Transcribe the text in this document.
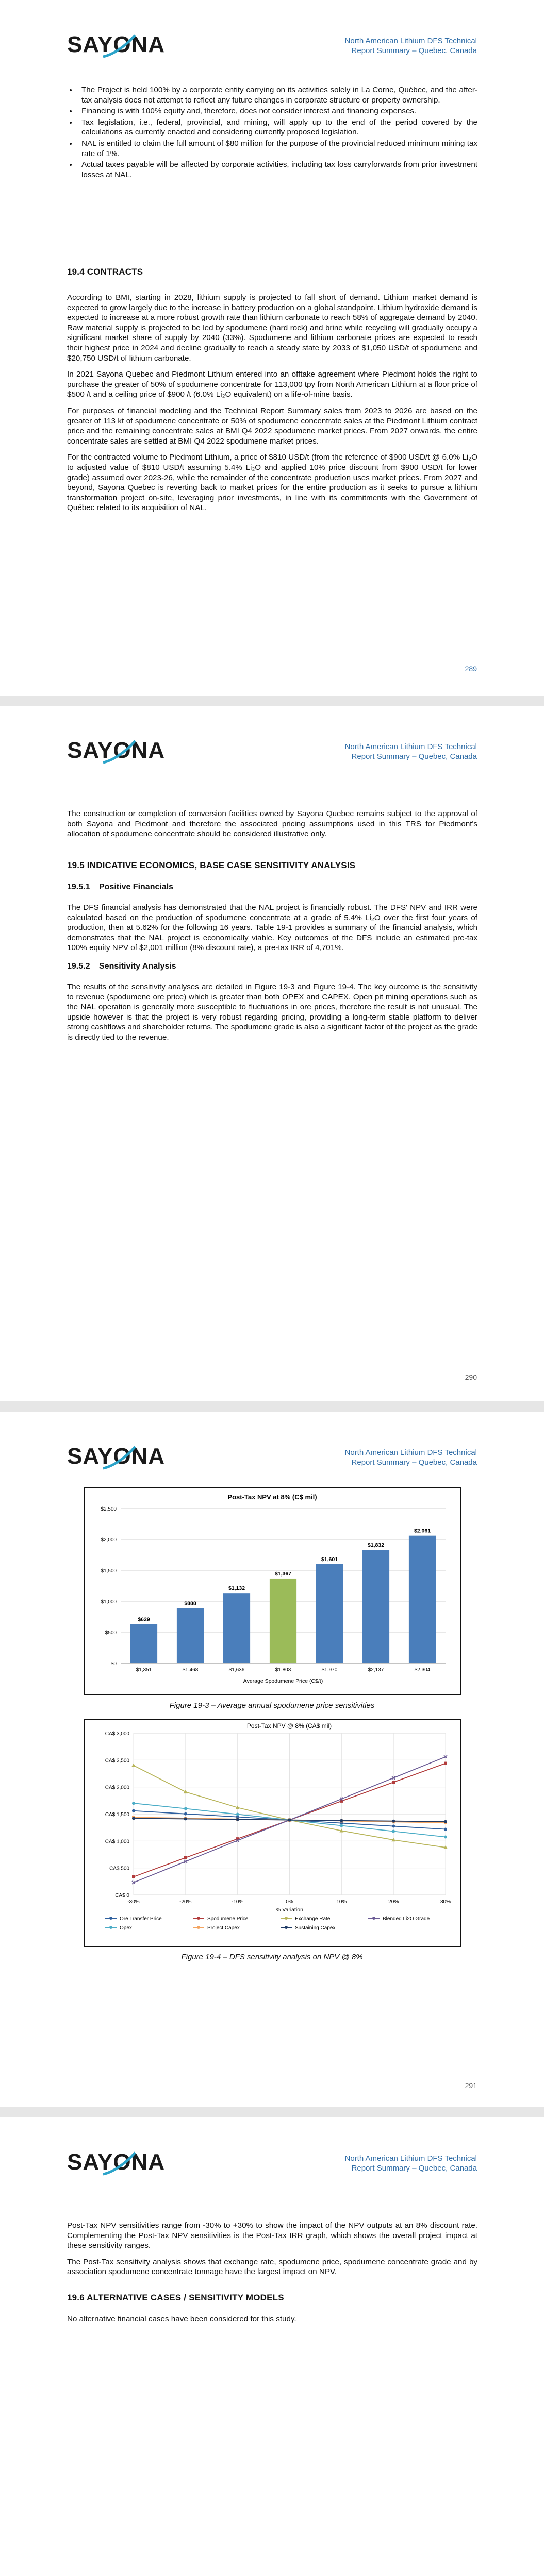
SAYONA	North American Lithium DFS Technical
Report Summary – Quebec, Canada
• The Project is held 100% by a corporate entity carrying on its activities solely in La Corne, Québec, and the after-tax analysis does not attempt to reflect any future changes in corporate structure or property ownership.
• Financing is with 100% equity and, therefore, does not consider interest and financing expenses.
• Tax legislation, i.e., federal, provincial, and mining, will apply up to the end of the period covered by the calculations as currently enacted and considering currently proposed legislation.
• NAL is entitled to claim the full amount of $80 million for the purpose of the provincial reduced minimum mining tax rate of 1%.
• Actual taxes payable will be affected by corporate activities, including tax loss carryforwards from prior investment losses at NAL.
19.4 CONTRACTS

According to BMI, starting in 2028, lithium supply is projected to fall short of demand. Lithium market demand is expected to grow largely due to the increase in battery production on a global standpoint. Lithium hydroxide demand is expected to increase at a more robust growth rate than lithium carbonate to reach 58% of aggregate demand by 2040. Raw material supply is projected to be led by spodumene (hard rock) and brine while recycling will gradually occupy a significant market share of supply by 2040 (33%). Spodumene and lithium carbonate prices are expected to reach their highest price in 2024 and decline gradually to reach a steady state by 2033 of $1,050 USD/t of spodumene and $20,750 USD/t of lithium carbonate.

In 2021 Sayona Quebec and Piedmont Lithium entered into an offtake agreement where Piedmont holds the right to purchase the greater of 50% of spodumene concentrate for 113,000 tpy from North American Lithium at a floor price of $500 /t and a ceiling price of $900 /t (6.0% Li₂O equivalent) on a life-of-mine basis.

For purposes of financial modeling and the Technical Report Summary sales from 2023 to 2026 are based on the greater of 113 kt of spodumene concentrate or 50% of spodumene concentrate sales at the Piedmont Lithium contract price and the remaining concentrate sales at BMI Q4 2022 spodumene market prices. From 2027 onwards, the entire concentrate sales are settled at BMI Q4 2022 spodumene market prices.

For the contracted volume to Piedmont Lithium, a price of $810 USD/t (from the reference of $900 USD/t @ 6.0% Li₂O to adjusted value of $810 USD/t assuming 5.4% Li₂O and applied 10% price discount from $900 USD/t for lower grade) assumed over 2023-26, while the remainder of the concentrate production uses market prices. From 2027 and beyond, Sayona Quebec is reverting back to market prices for the entire production as it seeks to pursue a lithium transformation project on-site, leveraging prior investments, in line with its commitments with the Government of Québec related to its acquisition of NAL.

289
SAYONA	North American Lithium DFS Technical
Report Summary – Quebec, Canada

The construction or completion of conversion facilities owned by Sayona Quebec remains subject to the approval of both Sayona and Piedmont and therefore the associated pricing assumptions used in this TRS for Piedmont's allocation of spodumene concentrate should be considered illustrative only.

19.5 INDICATIVE ECONOMICS, BASE CASE SENSITIVITY ANALYSIS
19.5.1 Positive Financials

The DFS financial analysis has demonstrated that the NAL project is financially robust. The DFS' NPV and IRR were calculated based on the production of spodumene concentrate at a grade of 5.4% Li₂O over the first four years of production, then at 5.62% for the following 16 years. Table 19-1 provides a summary of the financial analysis, which demonstrates that the NAL project is economically viable. Key outcomes of the DFS include an estimated pre-tax 100% equity NPV of $2,001 million (8% discount rate), a pre-tax IRR of 4,701%.

19.5.2 Sensitivity Analysis

The results of the sensitivity analyses are detailed in Figure 19-3 and Figure 19-4. The key outcome is the sensitivity to revenue (spodumene ore price) which is greater than both OPEX and CAPEX. Open pit mining operations such as the NAL operation is generally more susceptible to fluctuations in ore prices, therefore the result is not unusual. The upside however is that the project is very robust regarding pricing, providing a long-term stable platform to deliver strong cashflows and shareholder returns. The spodumene grade is also a significant factor of the project as the grade is directly tied to the revenue.

290
SAYONA	North American Lithium DFS Technical
Report Summary – Quebec, Canada
Post-Tax NPV at 8% (C$ mil)
$0
$500
$1,000
$1,500
$2,000
$2,500
$629
$1,351
$888
$1,468
$1,132
$1,636
$1,367
$1,803
$1,601
$1,970
$1,832
$2,137
$2,061
$2,304
Average Spodumene Price (C$/t)
Figure 19-3 – Average annual spodumene price sensitivities
Post-Tax NPV @ 8% (CA$ mil)
CA$ 0
CA$ 500
CA$ 1,000
CA$ 1,500
CA$ 2,000
CA$ 2,500
CA$ 3,000
-30%	-20%	-10%	0%	10%	20%	30%
% Variation
Ore Transfer Price	Spodumene Price	Exchange Rate	Blended Li2O Grade
Opex	Project Capex	Sustaining Capex
Figure 19-4 – DFS sensitivity analysis on NPV @ 8%
291
SAYONA	North American Lithium DFS Technical
Report Summary – Quebec, Canada

Post-Tax NPV sensitivities range from -30% to +30% to show the impact of the NPV outputs at an 8% discount rate. Complementing the Post-Tax NPV sensitivities is the Post-Tax IRR graph, which shows the overall project impact at these sensitivity ranges.

The Post-Tax sensitivity analysis shows that exchange rate, spodumene price, spodumene concentrate grade and by association spodumene concentrate tonnage have the largest impact on NPV.

19.6 ALTERNATIVE CASES / SENSITIVITY MODELS

No alternative financial cases have been considered for this study.
